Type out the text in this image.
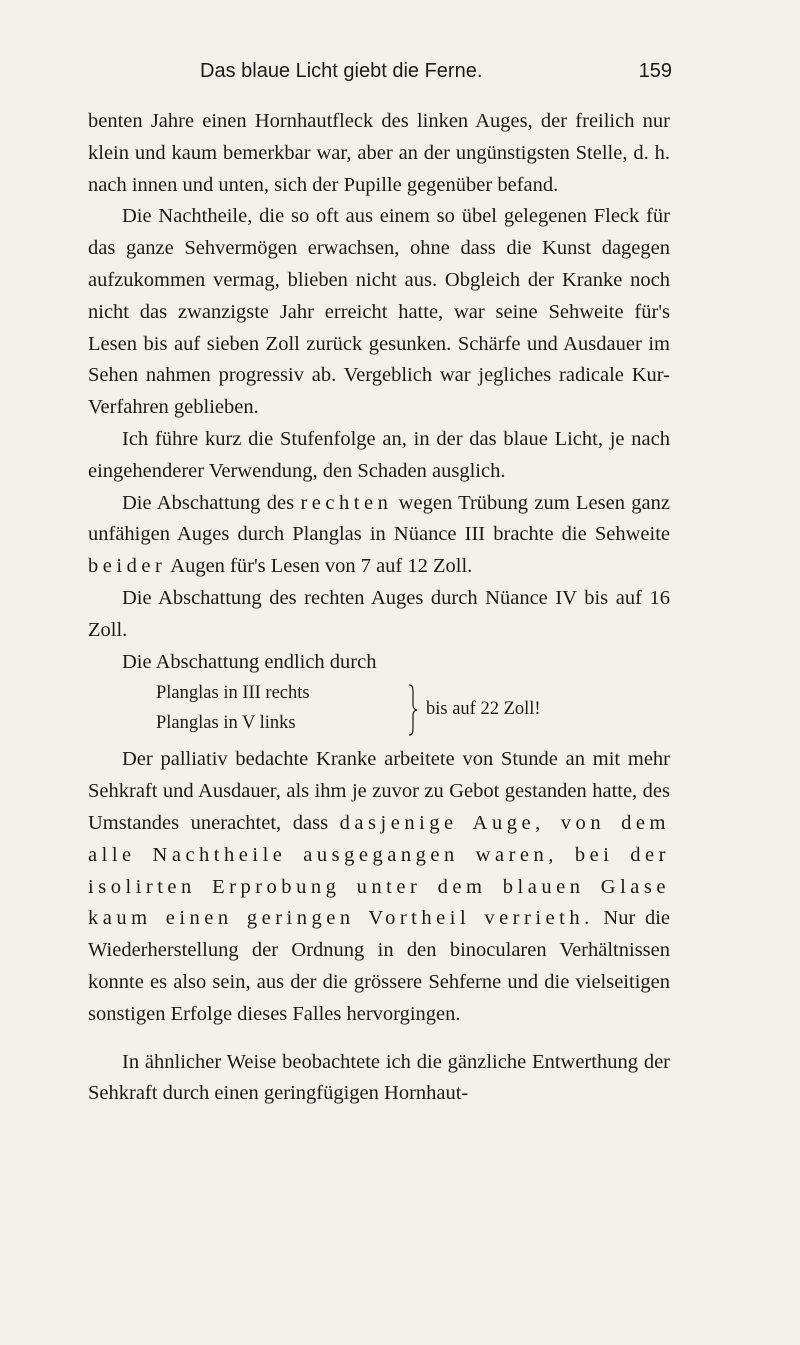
Das blaue Licht giebt die Ferne.	159

benten Jahre einen Hornhautfleck des linken Auges, der freilich nur klein und kaum bemerkbar war, aber an der ungünstigsten Stelle, d. h. nach innen und unten, sich der Pupille gegenüber befand.

Die Nachtheile, die so oft aus einem so übel gelegenen Fleck für das ganze Sehvermögen erwachsen, ohne dass die Kunst dagegen aufzukommen vermag, blieben nicht aus. Obgleich der Kranke noch nicht das zwanzigste Jahr erreicht hatte, war seine Sehweite für's Lesen bis auf sieben Zoll zurück gesunken. Schärfe und Ausdauer im Sehen nahmen progressiv ab. Vergeblich war jegliches radicale Kur-Verfahren geblieben.

Ich führe kurz die Stufenfolge an, in der das blaue Licht, je nach eingehenderer Verwendung, den Schaden ausglich.

Die Abschattung des rechten wegen Trübung zum Lesen ganz unfähigen Auges durch Planglas in Nüance III brachte die Sehweite beider Augen für's Lesen von 7 auf 12 Zoll.

Die Abschattung des rechten Auges durch Nüance IV bis auf 16 Zoll.

Die Abschattung endlich durch

Planglas in III rechts
Planglas in V links
bis auf 22 Zoll!

Der palliativ bedachte Kranke arbeitete von Stunde an mit mehr Sehkraft und Ausdauer, als ihm je zuvor zu Gebot gestanden hatte, des Umstandes unerachtet, dass dasjenige Auge, von dem alle Nachtheile ausgegangen waren, bei der isolirten Erprobung unter dem blauen Glase kaum einen geringen Vortheil verrieth. Nur die Wiederherstellung der Ordnung in den binocularen Verhältnissen konnte es also sein, aus der die grössere Sehferne und die vielseitigen sonstigen Erfolge dieses Falles hervorgingen.

In ähnlicher Weise beobachtete ich die gänzliche Entwerthung der Sehkraft durch einen geringfügigen Hornhaut-
